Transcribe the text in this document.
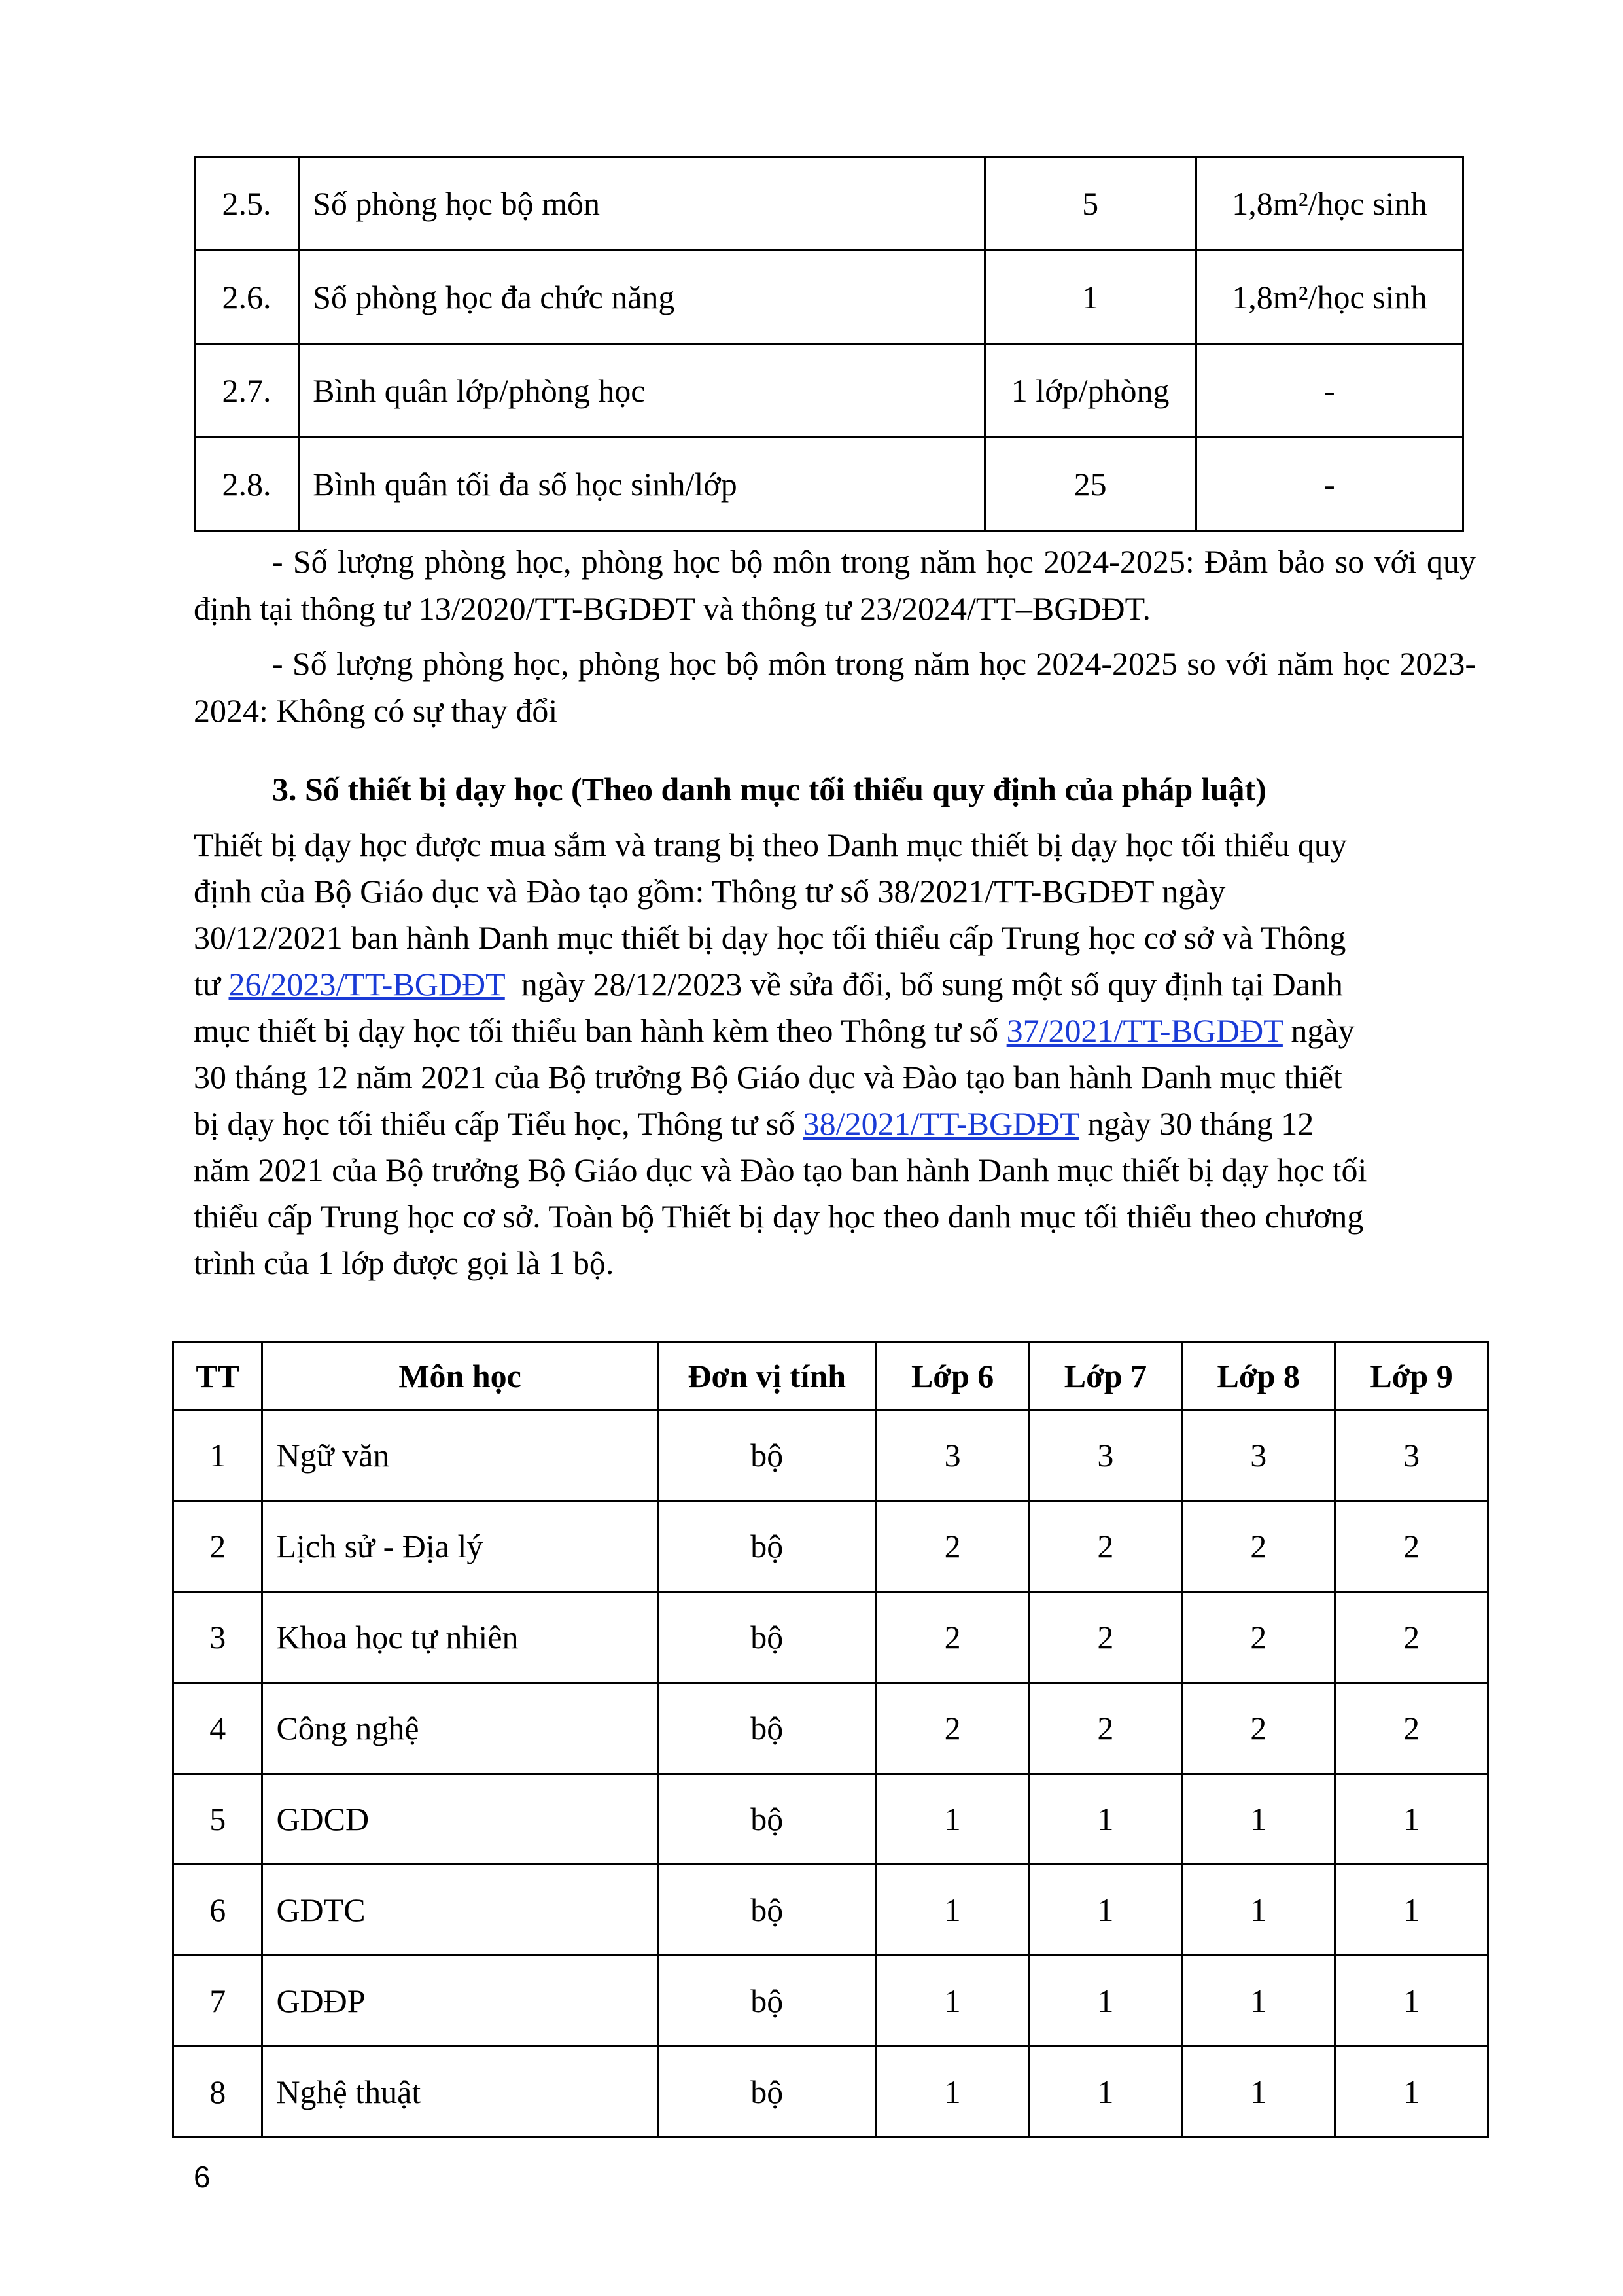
2.5.	Số phòng học bộ môn	5	1,8m²/học sinh
2.6.	Số phòng học đa chức năng	1	1,8m²/học sinh
2.7.	Bình quân lớp/phòng học	1 lớp/phòng	-
2.8.	Bình quân tối đa số học sinh/lớp	25	-

- Số lượng phòng học, phòng học bộ môn trong năm học 2024-2025: Đảm bảo so với quy định tại thông tư 13/2020/TT-BGDĐT và thông tư 23/2024/TT–BGDĐT.

- Số lượng phòng học, phòng học bộ môn trong năm học 2024-2025 so với năm học 2023-2024: Không có sự thay đổi

3. Số thiết bị dạy học (Theo danh mục tối thiểu quy định của pháp luật)

Thiết bị dạy học được mua sắm và trang bị theo Danh mục thiết bị dạy học tối thiểu quy
định của Bộ Giáo dục và Đào tạo gồm: Thông tư số 38/2021/TT-BGDĐT ngày
30/12/2021 ban hành Danh mục thiết bị dạy học tối thiểu cấp Trung học cơ sở và Thông
tư 26/2023/TT-BGDĐT  ngày 28/12/2023 về sửa đổi, bổ sung một số quy định tại Danh
mục thiết bị dạy học tối thiểu ban hành kèm theo Thông tư số 37/2021/TT-BGDĐT ngày
30 tháng 12 năm 2021 của Bộ trưởng Bộ Giáo dục và Đào tạo ban hành Danh mục thiết
bị dạy học tối thiểu cấp Tiểu học, Thông tư số 38/2021/TT-BGDĐT ngày 30 tháng 12
năm 2021 của Bộ trưởng Bộ Giáo dục và Đào tạo ban hành Danh mục thiết bị dạy học tối
thiểu cấp Trung học cơ sở. Toàn bộ Thiết bị dạy học theo danh mục tối thiểu theo chương
trình của 1 lớp được gọi là 1 bộ.
TT	Môn học	Đơn vị tính	Lớp 6	Lớp 7	Lớp 8	Lớp 9
1	Ngữ văn	bộ	3	3	3	3
2	Lịch sử - Địa lý	bộ	2	2	2	2
3	Khoa học tự nhiên	bộ	2	2	2	2
4	Công nghệ	bộ	2	2	2	2
5	GDCD	bộ	1	1	1	1
6	GDTC	bộ	1	1	1	1
7	GDĐP	bộ	1	1	1	1
8	Nghệ thuật	bộ	1	1	1	1
6
